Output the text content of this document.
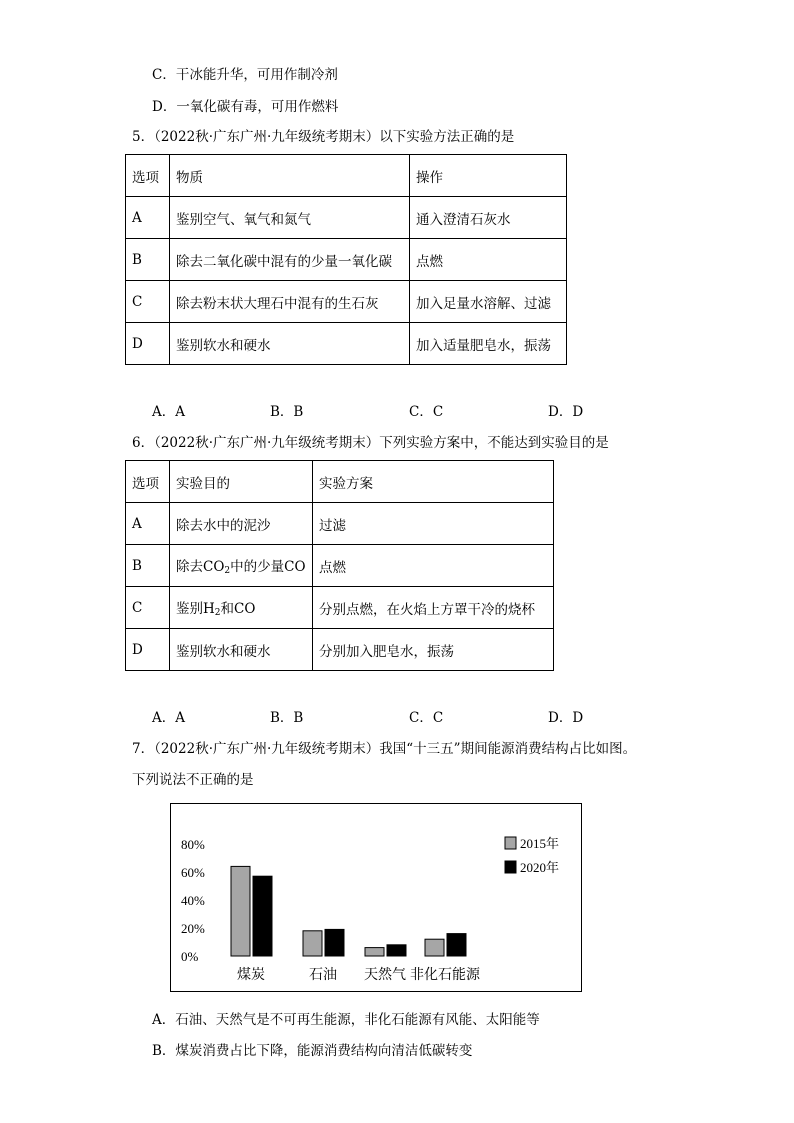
C．干冰能升华，可用作制冷剂
D．一氧化碳有毒，可用作燃料
5．（2022秋·广东广州·九年级统考期末）以下实验方法正确的是
选项	物质	操作
A	鉴别空气、氧气和氮气	通入澄清石灰水
B	除去二氧化碳中混有的少量一氧化碳	点燃
C	除去粉末状大理石中混有的生石灰	加入足量水溶解、过滤
D	鉴别软水和硬水	加入适量肥皂水，振荡
A．A	B．B	C．C	D．D
6．（2022秋·广东广州·九年级统考期末）下列实验方案中，不能达到实验目的是
选项	实验目的	实验方案
A	除去水中的泥沙	过滤
B	除去$CO_2$中的少量CO	点燃
C	鉴别$H_2$和CO	分别点燃，在火焰上方罩干冷的烧杯
D	鉴别软水和硬水	分别加入肥皂水，振荡
A．A	B．B	C．C	D．D
7．（2022秋·广东广州·九年级统考期末）我国“十三五”期间能源消费结构占比如图。
下列说法不正确的是
0%
20%
40%
60%
80%
煤炭	石油 天然气 非化石能源
2015年
2020年
A．石油、天然气是不可再生能源，非化石能源有风能、太阳能等
B．煤炭消费占比下降，能源消费结构向清洁低碳转变
